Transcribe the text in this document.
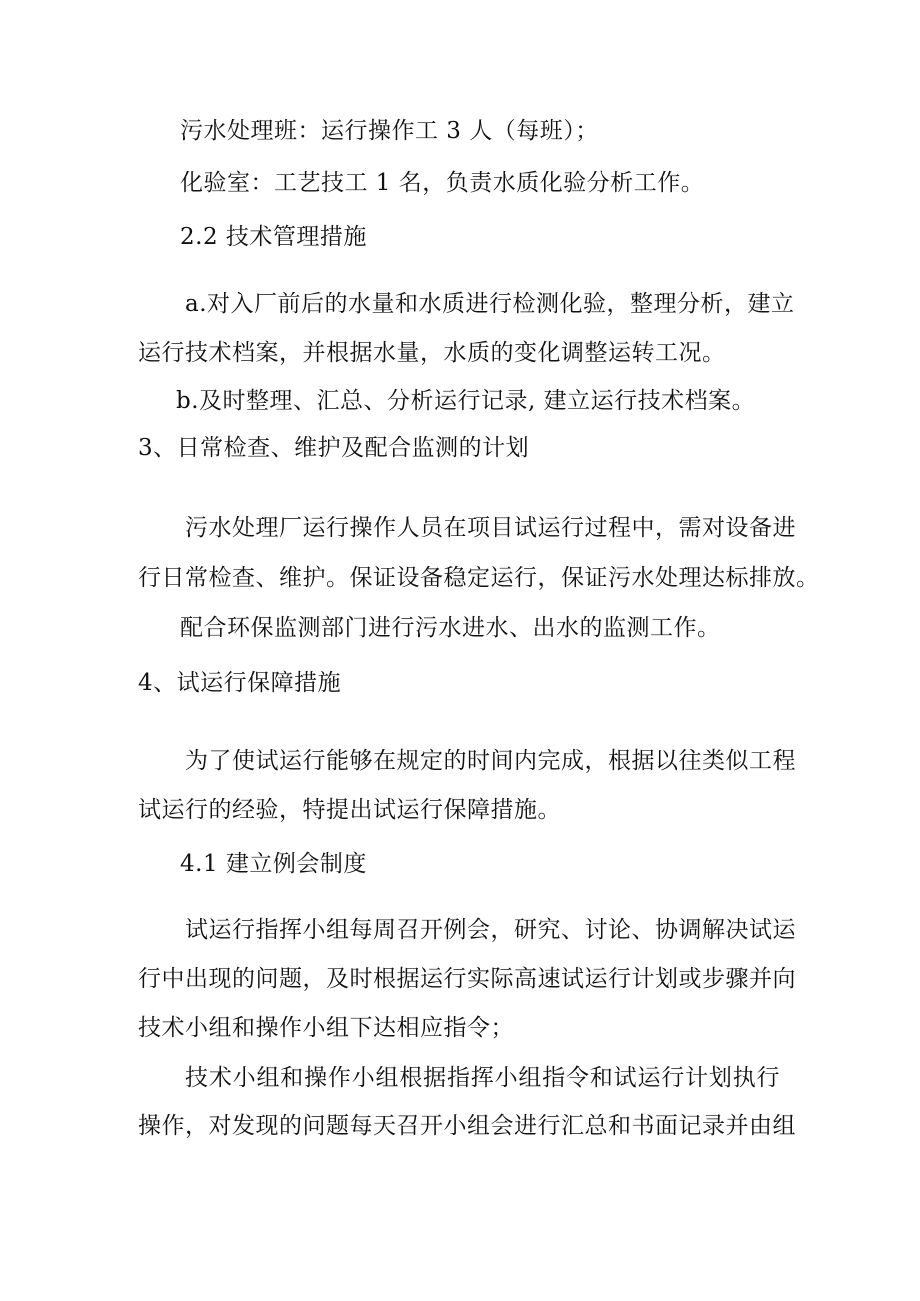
污水处理班：运行操作工 3 人（每班）；
化验室：工艺技工 1 名，负责水质化验分析工作。
2.2 技术管理措施
a.对入厂前后的水量和水质进行检测化验，整理分析，建立
运行技术档案，并根据水量，水质的变化调整运转工况。
b.及时整理、汇总、分析运行记录, 建立运行技术档案。
3、日常检查、维护及配合监测的计划
污水处理厂运行操作人员在项目试运行过程中，需对设备进
行日常检查、维护。保证设备稳定运行，保证污水处理达标排放。
配合环保监测部门进行污水进水、出水的监测工作。
4、试运行保障措施
为了使试运行能够在规定的时间内完成，根据以往类似工程
试运行的经验，特提出试运行保障措施。
4.1 建立例会制度
试运行指挥小组每周召开例会，研究、讨论、协调解决试运
行中出现的问题，及时根据运行实际高速试运行计划或步骤并向
技术小组和操作小组下达相应指令；
技术小组和操作小组根据指挥小组指令和试运行计划执行
操作，对发现的问题每天召开小组会进行汇总和书面记录并由组
